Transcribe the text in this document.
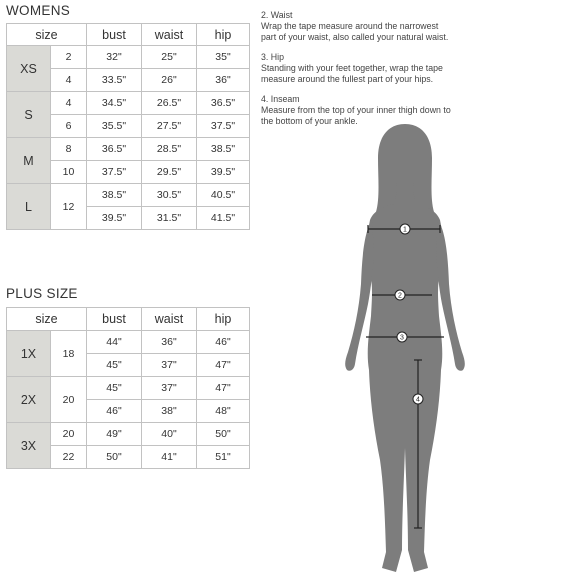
WOMENS
size		bust	waist	hip
XS	2	32"	25"	35"
	4	33.5"	26"	36"
S	4	34.5"	26.5"	36.5"
	6	35.5"	27.5"	37.5"
M	8	36.5"	28.5"	38.5"
	10	37.5"	29.5"	39.5"
L	12	38.5"	30.5"	40.5"
		39.5"	31.5"	41.5"
PLUS SIZE
size		bust	waist	hip
1X	18	44"	36"	46"
		45"	37"	47"
2X	20	45"	37"	47"
		46"	38"	48"
3X	20	49"	40"	50"
	22	50"	41"	51"
2. Waist
Wrap the tape measure around the narrowest
part of your waist, also called your natural waist.
3. Hip
Standing with your feet together, wrap the tape
measure around the fullest part of your hips.
4. Inseam
Measure from the top of your inner thigh down to
the bottom of your ankle.
1
2
3
4
